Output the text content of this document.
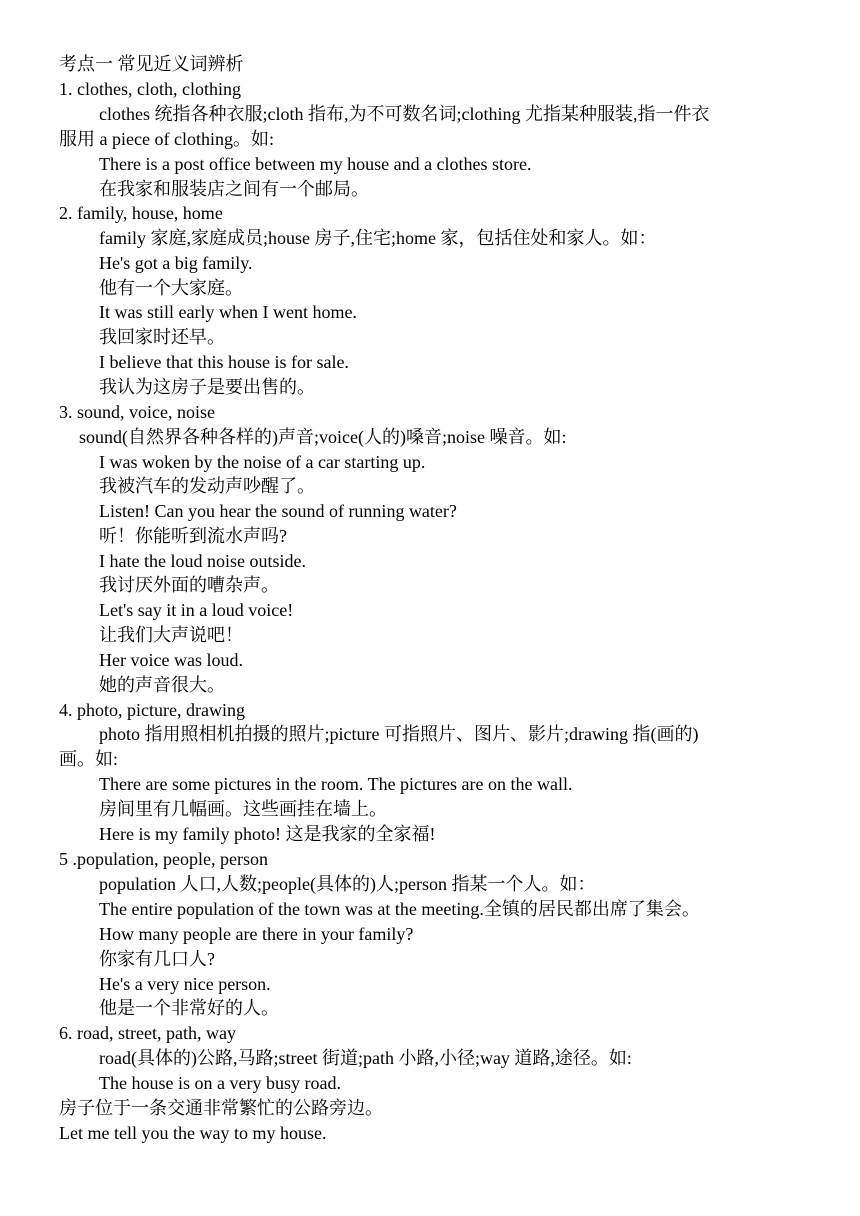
考点一 常见近义词辨析
1. clothes, cloth, clothing
clothes 统指各种衣服;cloth 指布,为不可数名词;clothing 尤指某种服装,指一件衣
服用 a piece of clothing。如:
There is a post office between my house and a clothes store.
在我家和服装店之间有一个邮局。
2. family, house, home
family 家庭,家庭成员;house 房子,住宅;home 家，包括住处和家人。如：
He's got a big family.
他有一个大家庭。
It was still early when I went home.
我回家时还早。
I believe that this house is for sale.
我认为这房子是要出售的。
3. sound, voice, noise
sound(自然界各种各样的)声音;voice(人的)嗓音;noise 噪音。如:
I was woken by the noise of a car starting up.
我被汽车的发动声吵醒了。
Listen! Can you hear the sound of running water?
听！你能听到流水声吗?
I hate the loud noise outside.
我讨厌外面的嘈杂声。
Let's say it in a loud voice!
让我们大声说吧！
Her voice was loud.
她的声音很大。
4. photo, picture, drawing
photo 指用照相机拍摄的照片;picture 可指照片、图片、影片;drawing 指(画的)
画。如:
There are some pictures in the room. The pictures are on the wall.
房间里有几幅画。这些画挂在墙上。
Here is my family photo! 这是我家的全家福!
5 .population, people, person
population 人口,人数;people(具体的)人;person 指某一个人。如：
The entire population of the town was at the meeting.全镇的居民都出席了集会。
How many people are there in your family?
你家有几口人?
He's a very nice person.
他是一个非常好的人。
6. road, street, path, way
road(具体的)公路,马路;street 街道;path 小路,小径;way 道路,途径。如:
The house is on a very busy road.
房子位于一条交通非常繁忙的公路旁边。
Let me tell you the way to my house.
